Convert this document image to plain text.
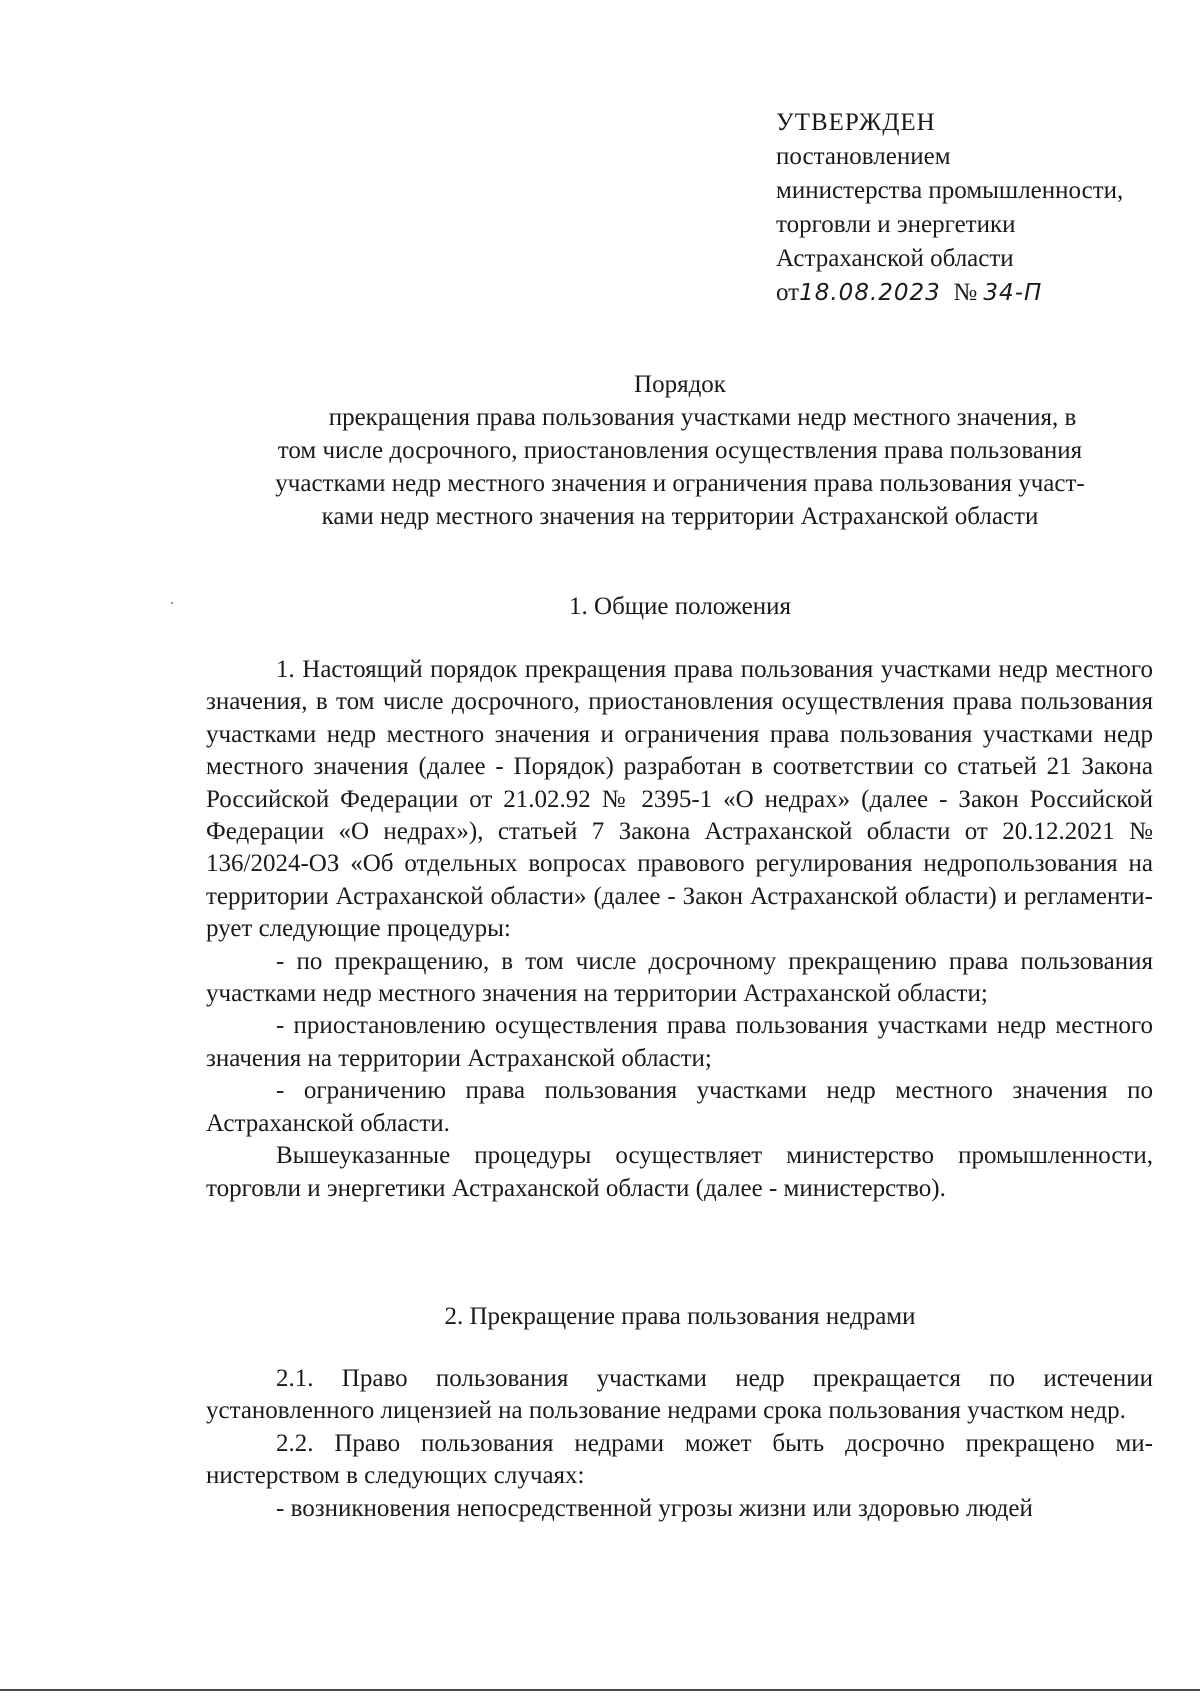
УТВЕРЖДЕН
постановлением
министерства промышленности,
торговли и энергетики
Астраханской области
от18.08.2023 № 34-П
Порядок
прекращения права пользования участками недр местного значения, в
том числе досрочного, приостановления осуществления права пользования
участками недр местного значения и ограничения права пользования участ-
ками недр местного значения на территории Астраханской области
1. Общие положения

1. Настоящий порядок прекращения права пользования участками недр местного значения, в том числе досрочного, приостановления осуществления права пользования участками недр местного значения и ограничения права пользования участками недр местного значения (далее - Порядок) разработан в соответствии со статьей 21 Закона Российской Федерации от 21.02.92 № 2395-1 «О недрах» (далее - Закон Российской Федерации «О недрах»), статьей 7 Закона Астраханской области от 20.12.2021 № 136/2024-ОЗ «Об отдельных вопросах правового регулирования недропользования на территории Астраханской области» (далее - Закон Астраханской области) и регламентирует следующие процедуры:

- по прекращению, в том числе досрочному прекращению права пользования участками недр местного значения на территории Астраханской области;

- приостановлению осуществления права пользования участками недр местного значения на территории Астраханской области;

- ограничению права пользования участками недр местного значения по Астраханской области.

Вышеуказанные процедуры осуществляет министерство промышленности, торговли и энергетики Астраханской области (далее - министерство).

2. Прекращение права пользования недрами

2.1. Право пользования участками недр прекращается по истечении установленного лицензией на пользование недрами срока пользования участком недр.

2.2. Право пользования недрами может быть досрочно прекращено министерством в следующих случаях:

- возникновения непосредственной угрозы жизни или здоровью людей
